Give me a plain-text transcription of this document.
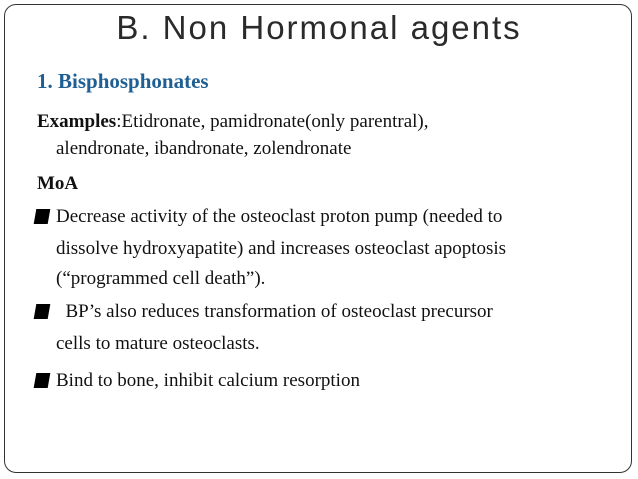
B. Non Hormonal agents
1. Bisphosphonates
Examples:Etidronate, pamidronate(only parentral),
alendronate, ibandronate, zolendronate
MoA
Decrease activity of the osteoclast proton pump (needed to
dissolve hydroxyapatite) and increases osteoclast apoptosis
(“programmed cell death”).
BP’s also reduces transformation of osteoclast precursor
cells to mature osteoclasts.
Bind to bone, inhibit calcium resorption
